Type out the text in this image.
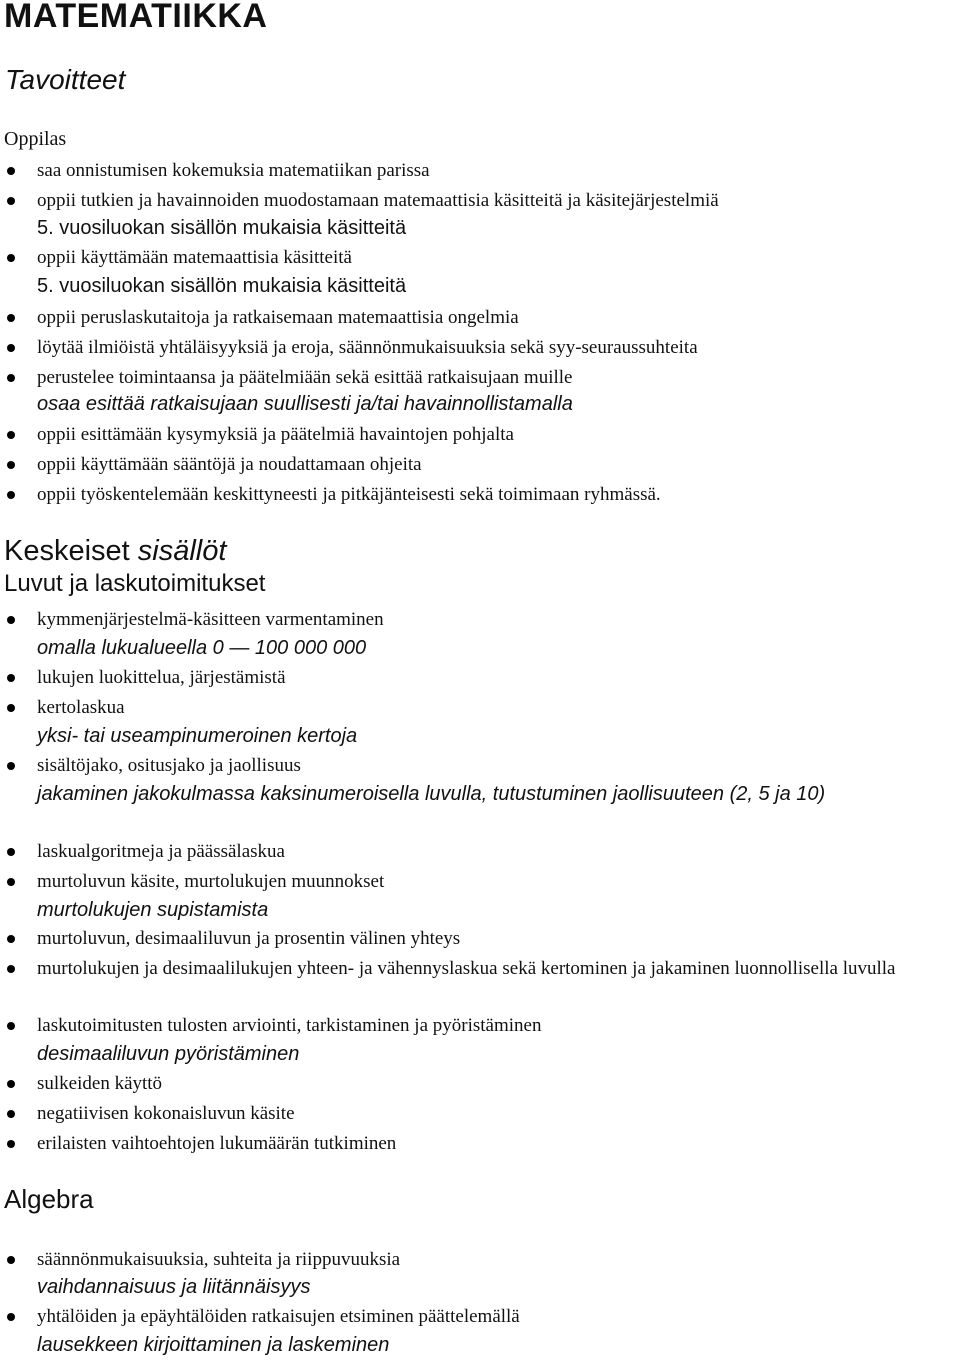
MATEMATIIKKA
Tavoitteet
Oppilas
saa onnistumisen kokemuksia matematiikan parissa
oppii tutkien ja havainnoiden muodostamaan matemaattisia käsitteitä ja käsitejärjestelmiä
5. vuosiluokan sisällön mukaisia käsitteitä
oppii käyttämään matemaattisia käsitteitä
5. vuosiluokan sisällön mukaisia käsitteitä
oppii peruslaskutaitoja ja ratkaisemaan matemaattisia ongelmia
löytää ilmiöistä yhtäläisyyksiä ja eroja, säännönmukaisuuksia sekä syy-seuraussuhteita
perustelee toimintaansa ja päätelmiään sekä esittää ratkaisujaan muille
osaa esittää ratkaisujaan suullisesti ja/tai havainnollistamalla
oppii esittämään kysymyksiä ja päätelmiä havaintojen pohjalta
oppii käyttämään sääntöjä ja noudattamaan ohjeita
oppii työskentelemään keskittyneesti ja pitkäjänteisesti sekä toimimaan ryhmässä.
Keskeiset sisällöt
Luvut ja laskutoimitukset
kymmenjärjestelmä-käsitteen varmentaminen
omalla lukualueella 0 — 100 000 000
lukujen luokittelua, järjestämistä
kertolaskua
yksi- tai useampinumeroinen kertoja
sisältöjako, ositusjako ja jaollisuus
jakaminen jakokulmassa kaksinumeroisella luvulla, tutustuminen jaollisuuteen (2, 5 ja 10)
laskualgoritmeja ja päässälaskua
murtoluvun käsite, murtolukujen muunnokset
murtolukujen supistamista
murtoluvun, desimaaliluvun ja prosentin välinen yhteys
murtolukujen ja desimaalilukujen yhteen- ja vähennyslaskua sekä kertominen ja jakaminen luonnollisella luvulla
laskutoimitusten tulosten arviointi, tarkistaminen ja pyöristäminen
desimaaliluvun pyöristäminen
sulkeiden käyttö
negatiivisen kokonaisluvun käsite
erilaisten vaihtoehtojen lukumäärän tutkiminen
Algebra
säännönmukaisuuksia, suhteita ja riippuvuuksia
vaihdannaisuus ja liitännäisyys
yhtälöiden ja epäyhtälöiden ratkaisujen etsiminen päättelemällä
lausekkeen kirjoittaminen ja laskeminen
